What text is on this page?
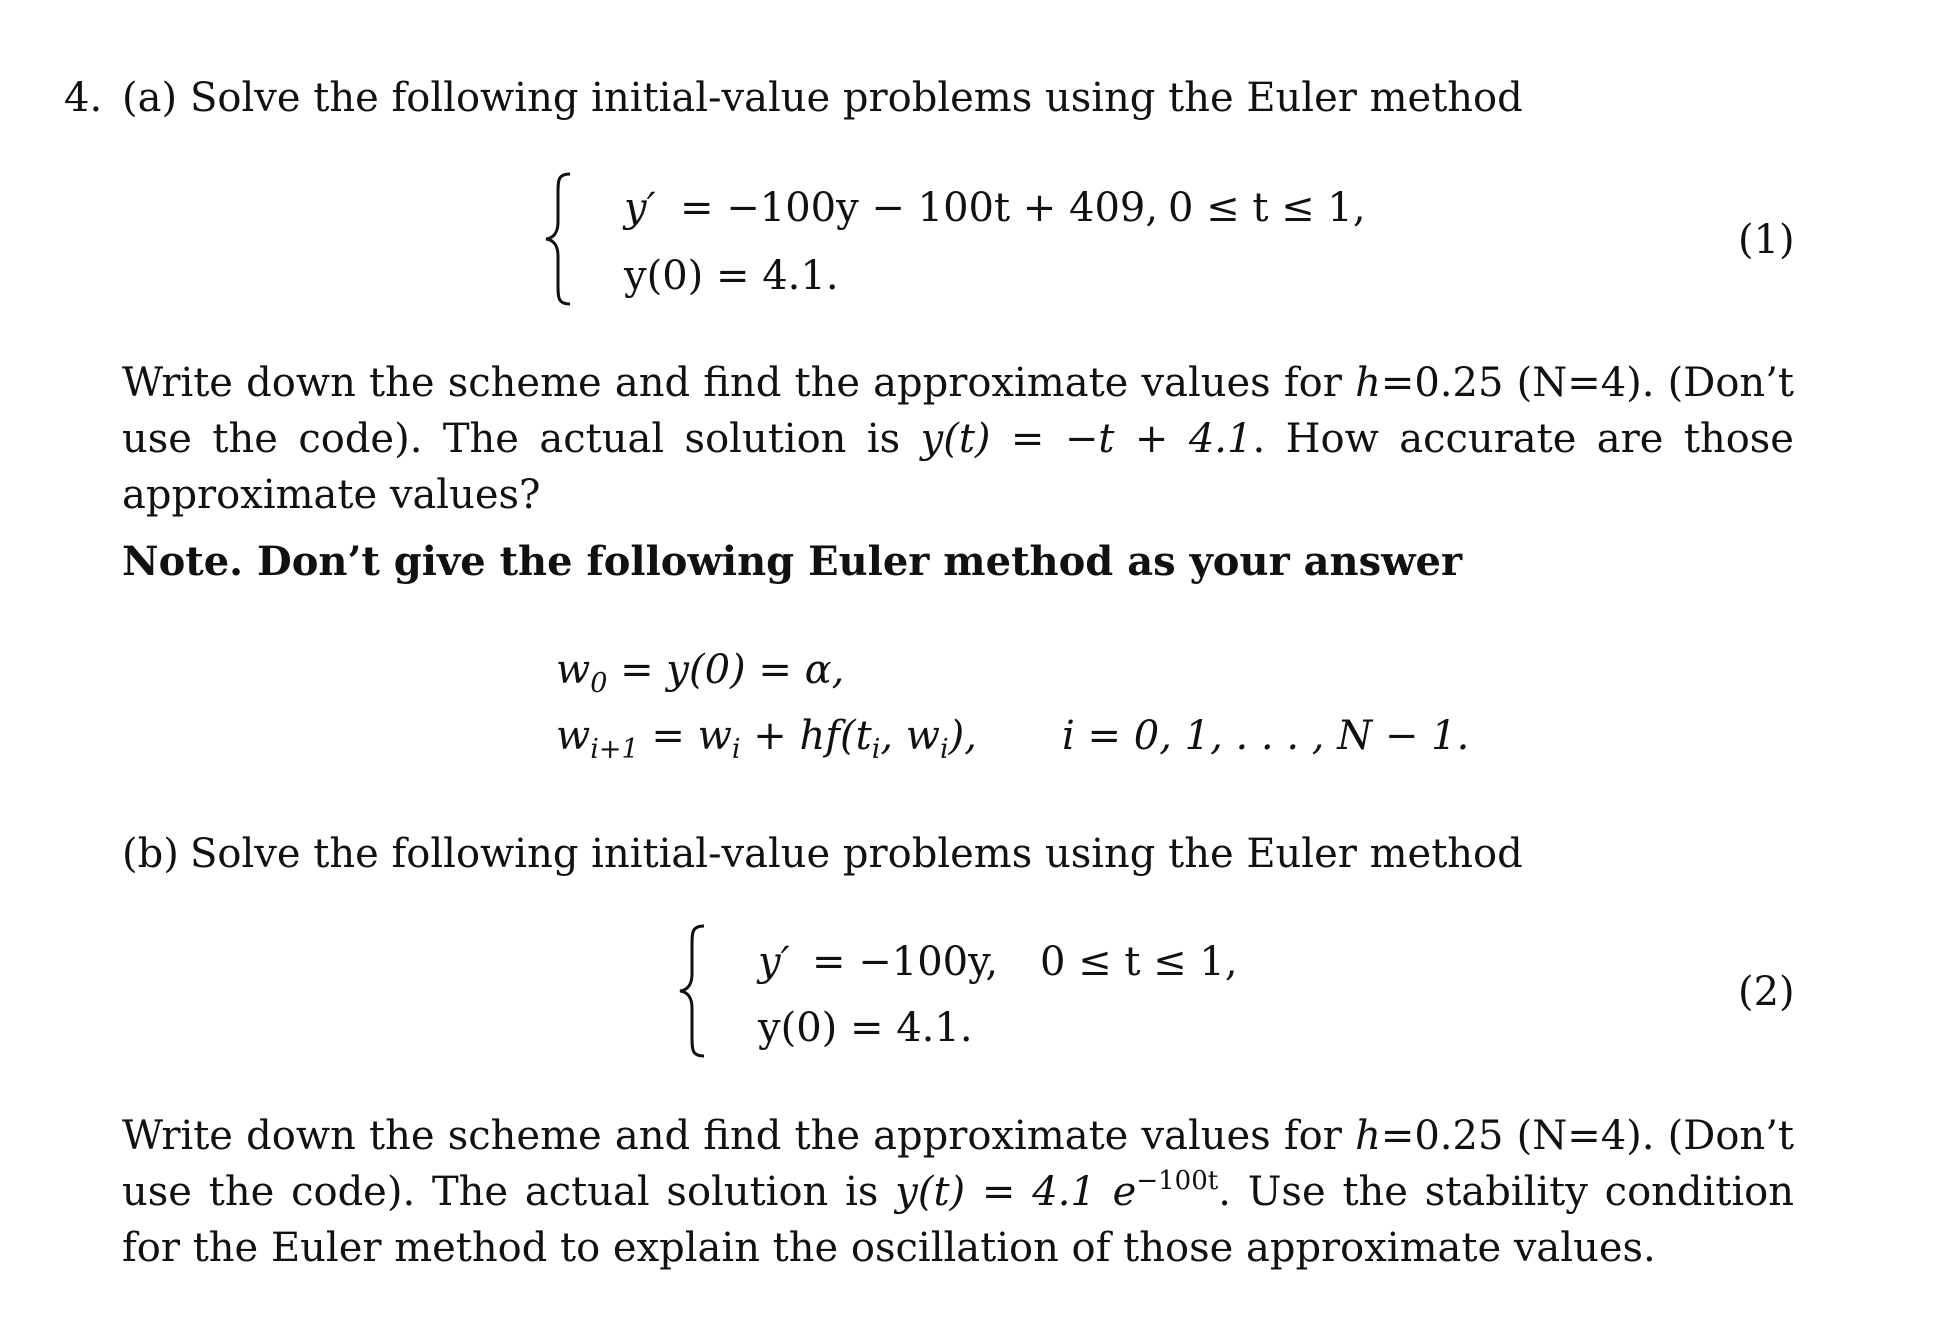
4. (a) Solve the following initial-value problems using the Euler method
y′ = −100y − 100t + 409, 0 ≤ t ≤ 1,
y(0) = 4.1.
(1)
Write down the scheme and find the approximate values for h=0.25 (N=4). (Don’t use the code). The actual solution is y(t) = −t + 4.1. How accurate are those approximate values?
Note. Don’t give the following Euler method as your answer
$w_0 = y(0) = \alpha$,
$w_{i+1} = w_i + hf(t_i$, $w_i$), i = 0, 1, . . . , N − 1.
(b) Solve the following initial-value problems using the Euler method
y′ = −100y, 0 ≤ t ≤ 1,
y(0) = 4.1.
(2)
Write down the scheme and find the approximate values for h=0.25 (N=4). (Don’t use the code). The actual solution is y(t) = 4.1 $e^{-100t}$. Use the stability condition for the Euler method to explain the oscillation of those approximate values.
